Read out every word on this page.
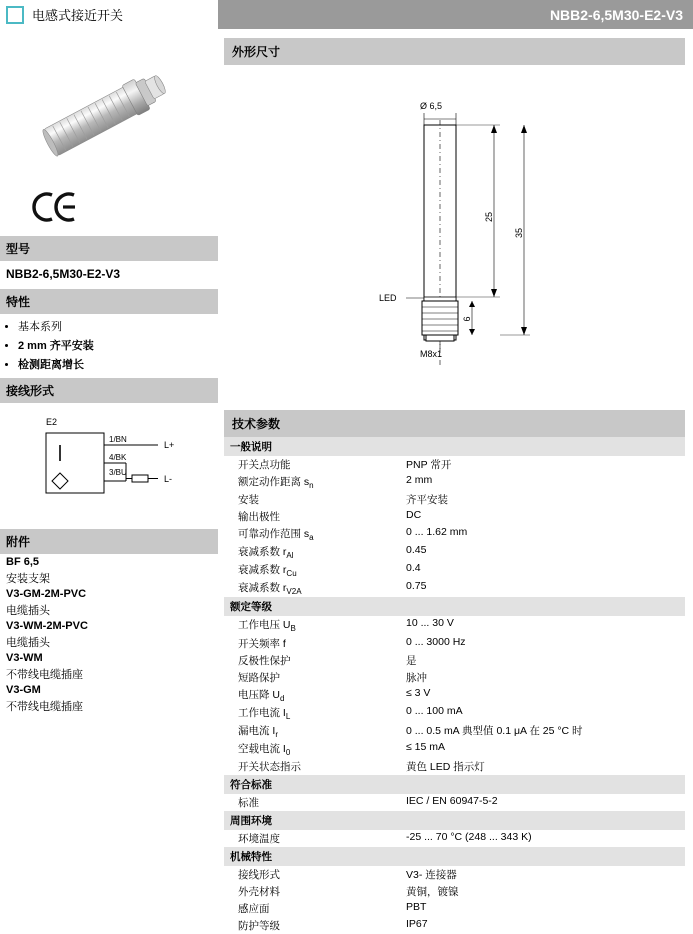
电感式接近开关	NBB2-6,5M30-E2-V3
型号
NBB2-6,5M30-E2-V3
特性
• 基本系列
• 2 mm 齐平安装
• 检测距离增长
接线形式
E2
1/BN
4/BK
3/BU
L+
L-
附件
BF 6,5
安装支架
V3-GM-2M-PVC
电缆插头
V3-WM-2M-PVC
电缆插头
V3-WM
不带线电缆插座
V3-GM
不带线电缆插座
外形尺寸
Ø 6,5
LED
M8x1
25
35
6
技术参数
一般说明	
开关点功能	PNP 常开
额定动作距离 $s_n$	2 mm
安装	齐平安装
输出极性	DC
可靠动作范围 $s_a$	0 ... 1.62 mm
衰减系数 $r_{Al}$	0.45
衰减系数 $r_{Cu}$	0.4
衰减系数 $r_{V2A}$	0.75
额定等级	
工作电压 $U_B$	10 ... 30 V
开关频率 f	0 ... 3000 Hz
反极性保护	是
短路保护	脉冲
电压降 $U_d$	≤ 3 V
工作电流 $I_L$	0 ... 100 mA
漏电流 $I_r$	0 ... 0.5 mA 典型值 0.1 μA 在 25 °C 时
空载电流 $I_0$	≤ 15 mA
开关状态指示	黄色 LED 指示灯
符合标准	
标准	IEC / EN 60947-5-2
周围环境	
环境温度	-25 ... 70 °C (248 ... 343 K)
机械特性	
接线形式	V3- 连接器
外壳材料	黄铜，镀镍
感应面	PBT
防护等级	IP67
